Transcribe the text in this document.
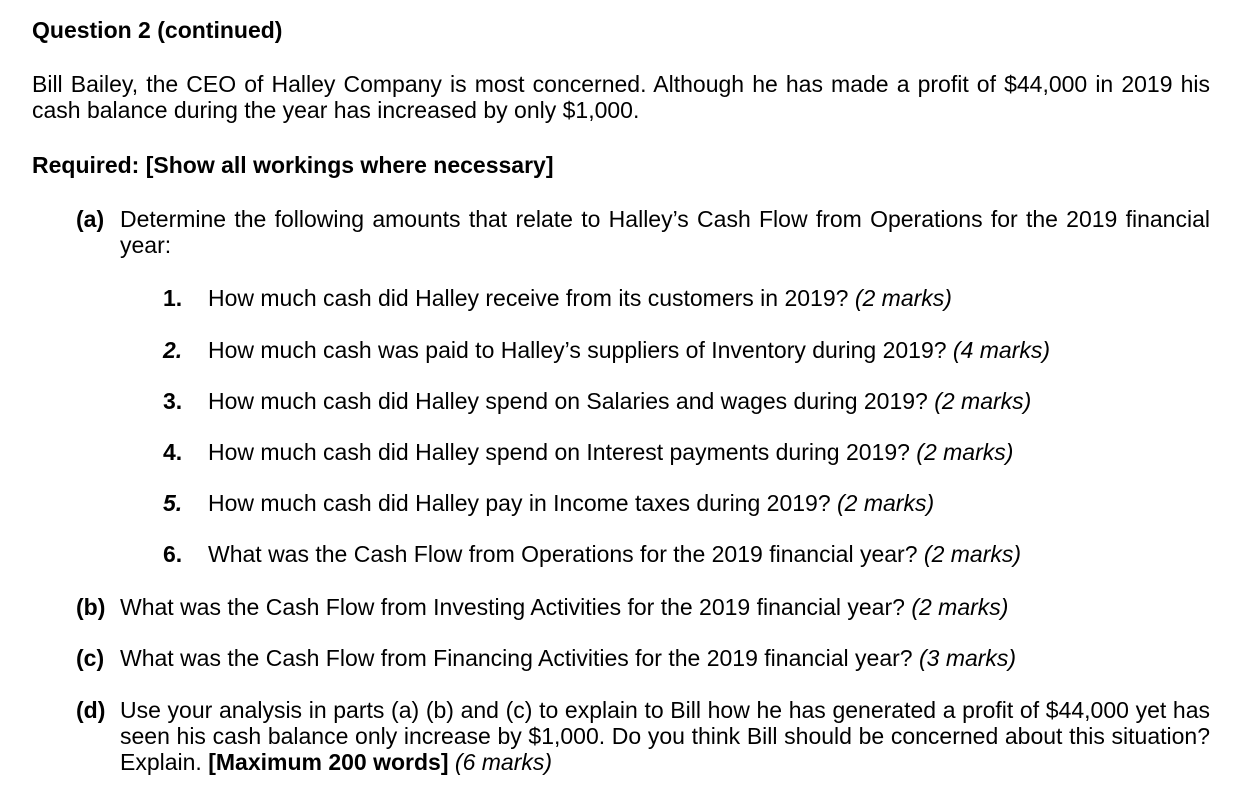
Question 2 (continued)
Bill Bailey, the CEO of Halley Company is most concerned. Although he has made a profit of $44,000 in 2019 his cash balance during the year has increased by only $1,000.
Required: [Show all workings where necessary]
(a) Determine the following amounts that relate to Halley’s Cash Flow from Operations for the 2019 financial year:
1.	How much cash did Halley receive from its customers in 2019? (2 marks)
2.	How much cash was paid to Halley’s suppliers of Inventory during 2019? (4 marks)
3.	How much cash did Halley spend on Salaries and wages during 2019? (2 marks)
4.	How much cash did Halley spend on Interest payments during 2019? (2 marks)
5.	How much cash did Halley pay in Income taxes during 2019? (2 marks)
6.	What was the Cash Flow from Operations for the 2019 financial year? (2 marks)
(b) What was the Cash Flow from Investing Activities for the 2019 financial year? (2 marks)
(c) What was the Cash Flow from Financing Activities for the 2019 financial year? (3 marks)
(d) Use your analysis in parts (a) (b) and (c) to explain to Bill how he has generated a profit of $44,000 yet has seen his cash balance only increase by $1,000. Do you think Bill should be concerned about this situation? Explain. [Maximum 200 words] (6 marks)
